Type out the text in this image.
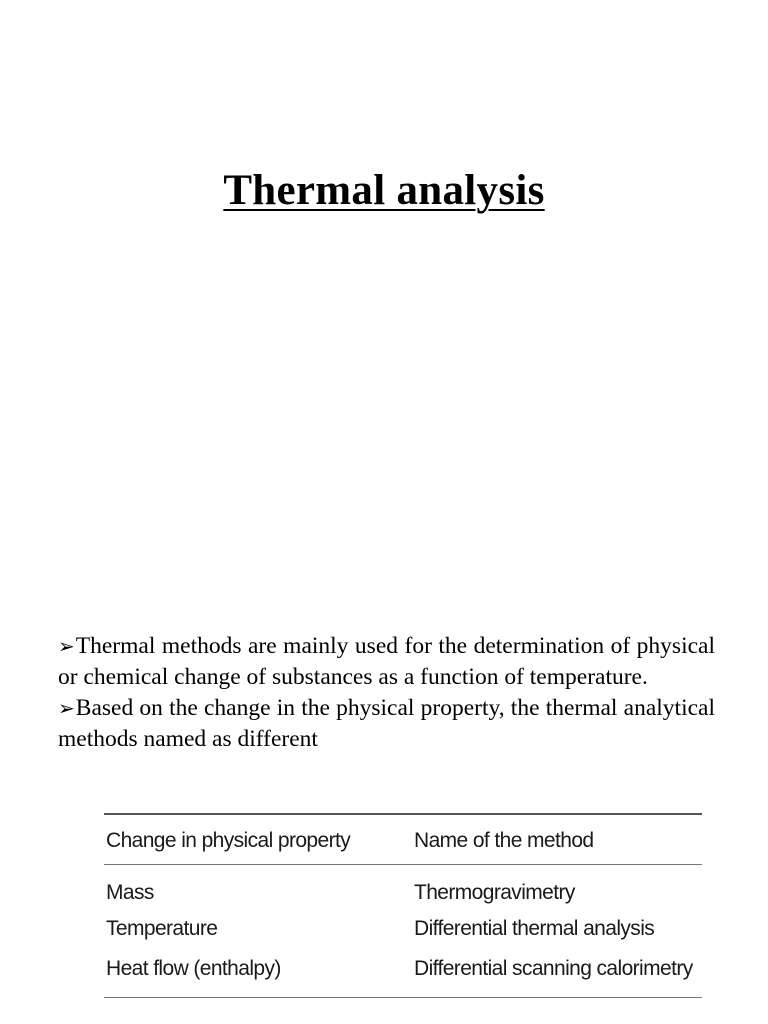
Thermal analysis

➢Thermal methods are mainly used for the determination of physical or chemical change of substances as a function of temperature.

➢Based on the change in the physical property, the thermal analytical methods named as different

Change in physical property	Name of the method
Mass	Thermogravimetry
Temperature	Differential thermal analysis
Heat flow (enthalpy)	Differential scanning calorimetry
